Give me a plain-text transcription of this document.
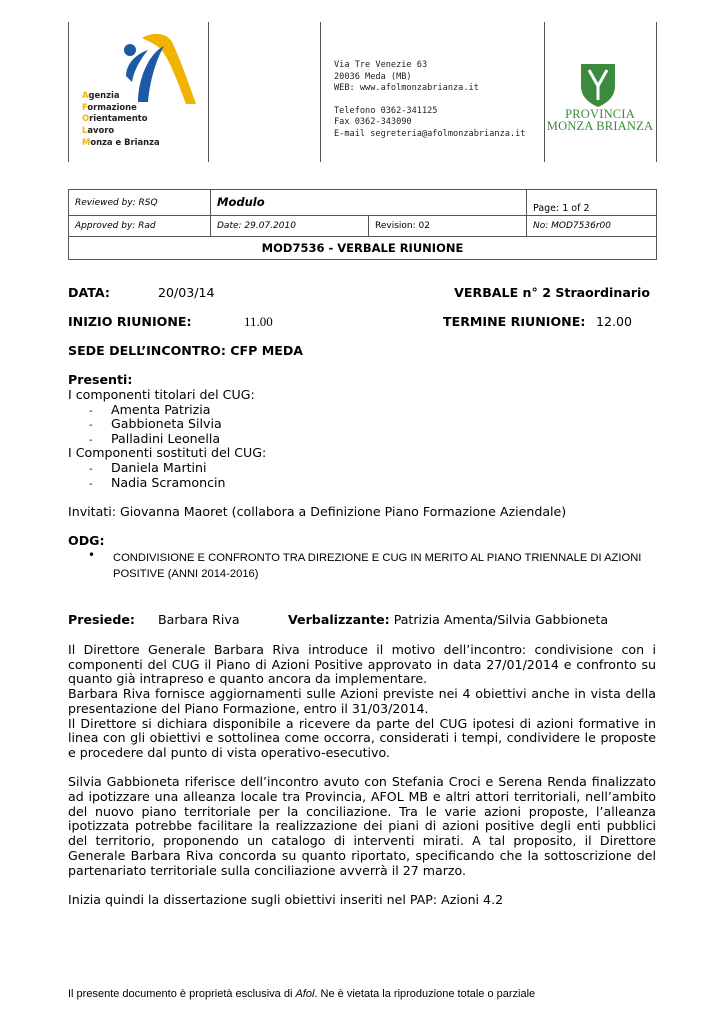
Agenzia
Formazione
Orientamento
Lavoro
Monza e Brianza
Via Tre Venezie 63
20036 Meda (MB)
WEB: www.afolmonzabrianza.it
Telefono 0362-341125
Fax 0362-343090
E-mail segreteria@afolmonzabrianza.it
PROVINCIA
MONZA BRIANZA
Reviewed by: RSQ	Modulo		Page: 1 of 2
Approved by: Rad	Date: 29.07.2010	Revision: 02	No: MOD7536r00
MOD7536 - VERBALE RIUNIONE			
DATA:	20/03/14	VERBALE n° 2 Straordinario
INIZIO RIUNIONE:	11.00	TERMINE RIUNIONE: 12.00
SEDE DELL’INCONTRO: CFP MEDA
Presenti:
I componenti titolari del CUG:
- Amenta Patrizia
- Gabbioneta Silvia
- Palladini Leonella
I Componenti sostituti del CUG:
- Daniela Martini
- Nadia Scramoncin
Invitati: Giovanna Maoret (collabora a Definizione Piano Formazione Aziendale)
ODG:
• CONDIVISIONE E CONFRONTO TRA DIREZIONE E CUG IN MERITO AL PIANO TRIENNALE DI AZIONI POSITIVE (ANNI 2014-2016)
Presiede: Barbara Riva	Verbalizzante: Patrizia Amenta/Silvia Gabbioneta
Il Direttore Generale Barbara Riva introduce il motivo dell’incontro: condivisione con i componenti del CUG il Piano di Azioni Positive approvato in data 27/01/2014 e confronto su quanto già intrapreso e quanto ancora da implementare.
Barbara Riva fornisce aggiornamenti sulle Azioni previste nei 4 obiettivi anche in vista della presentazione del Piano Formazione, entro il 31/03/2014.
Il Direttore si dichiara disponibile a ricevere da parte del CUG ipotesi di azioni formative in linea con gli obiettivi e sottolinea come occorra, considerati i tempi, condividere le proposte e procedere dal punto di vista operativo-esecutivo.
Silvia Gabbioneta riferisce dell’incontro avuto con Stefania Croci e Serena Renda finalizzato ad ipotizzare una alleanza locale tra Provincia, AFOL MB e altri attori territoriali, nell’ambito del nuovo piano territoriale per la conciliazione. Tra le varie azioni proposte, l’alleanza ipotizzata potrebbe facilitare la realizzazione dei piani di azioni positive degli enti pubblici del territorio, proponendo un catalogo di interventi mirati. A tal proposito, il Direttore Generale Barbara Riva concorda su quanto riportato, specificando che la sottoscrizione del partenariato territoriale sulla conciliazione avverrà il 27 marzo.
Inizia quindi la dissertazione sugli obiettivi inseriti nel PAP: Azioni 4.2
Il presente documento è proprietà esclusiva di Afol. Ne è vietata la riproduzione totale o parziale
